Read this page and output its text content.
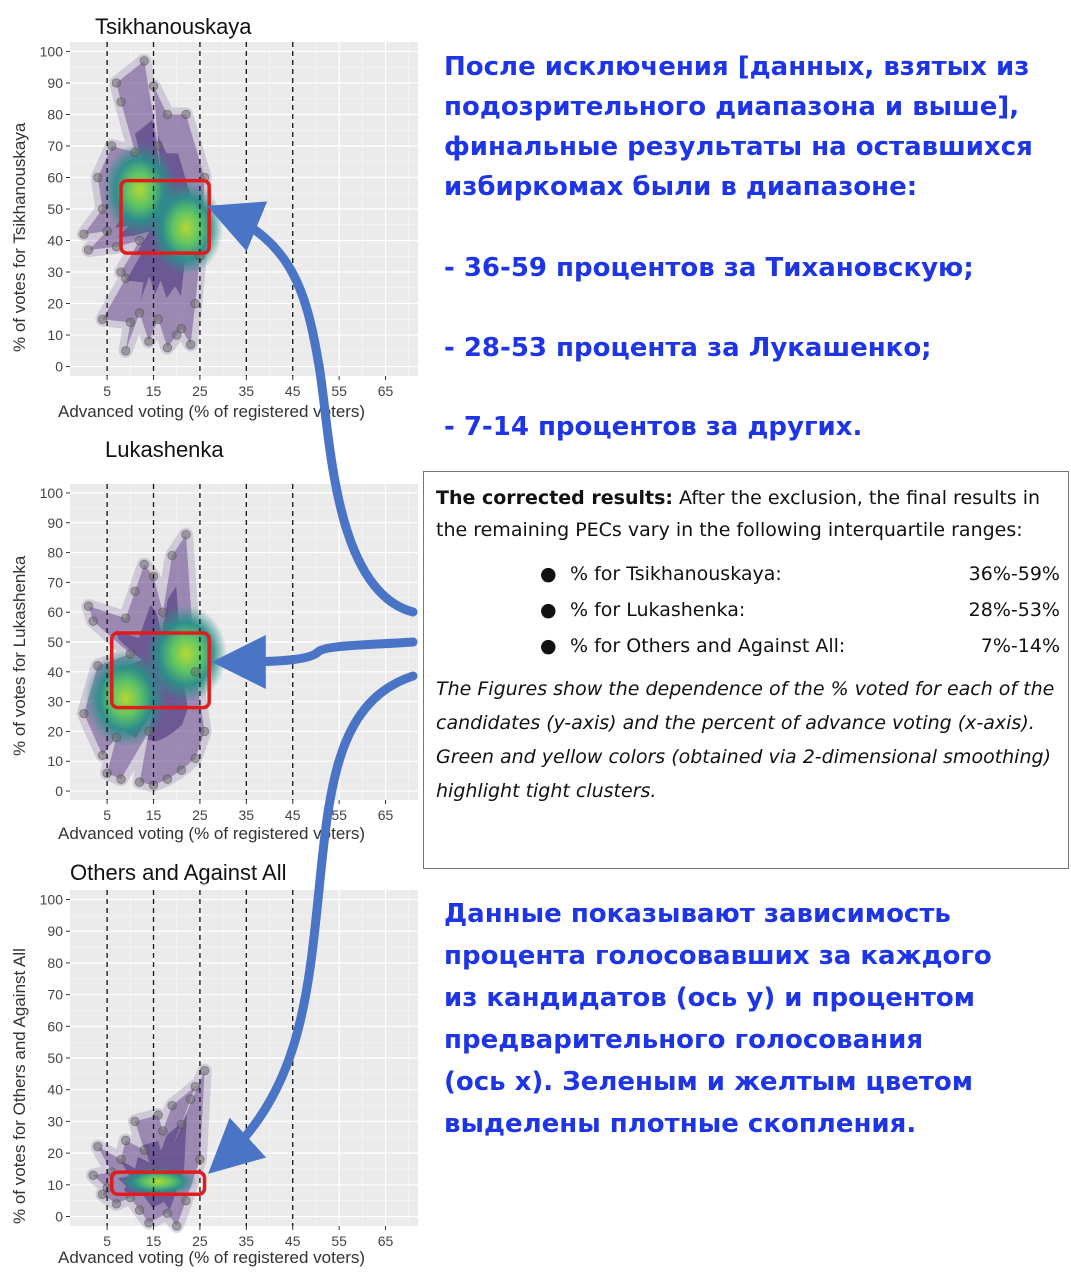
Tsikhanouskaya
0
10
20
30
40
50
60
70
80
90
100
5 15 25 35 45 55 65
% of votes for Tsikhanouskaya
Advanced voting (% of registered voters)
Lukashenka
0
10
20
30
40
50
60
70
80
90
100
5 15 25 35 45 55 65
% of votes for Lukashenka
Advanced voting (% of registered voters)
Others and Against All
0
10
20
30
40
50
60
70
80
90
100
5 15 25 35 45 55 65
% of votes for Others and Against All
Advanced voting (% of registered voters)
После исключения [данных, взятых из
подозрительного диапазона и выше],
финальные результаты на оставшихся
избиркомах были в диапазоне:
- 36-59 процентов за Тихановскую;
- 28-53 процента за Лукашенко;
- 7-14 процентов за других.

The corrected results: After the exclusion, the final results in the remaining PECs vary in the following interquartile ranges:

● % for Tsikhanouskaya:	36%-59%
● % for Lukashenka:	28%-53%
● % for Others and Against All:	7%-14%

The Figures show the dependence of the % voted for each of the candidates (y-axis) and the percent of advance voting (x-axis). Green and yellow colors (obtained via 2-dimensional smoothing) highlight tight clusters.

Данные показывают зависимость
процента голосовавших за каждого
из кандидатов (ось y) и процентом
предварительного голосования
(ось x). Зеленым и желтым цветом
выделены плотные скопления.
